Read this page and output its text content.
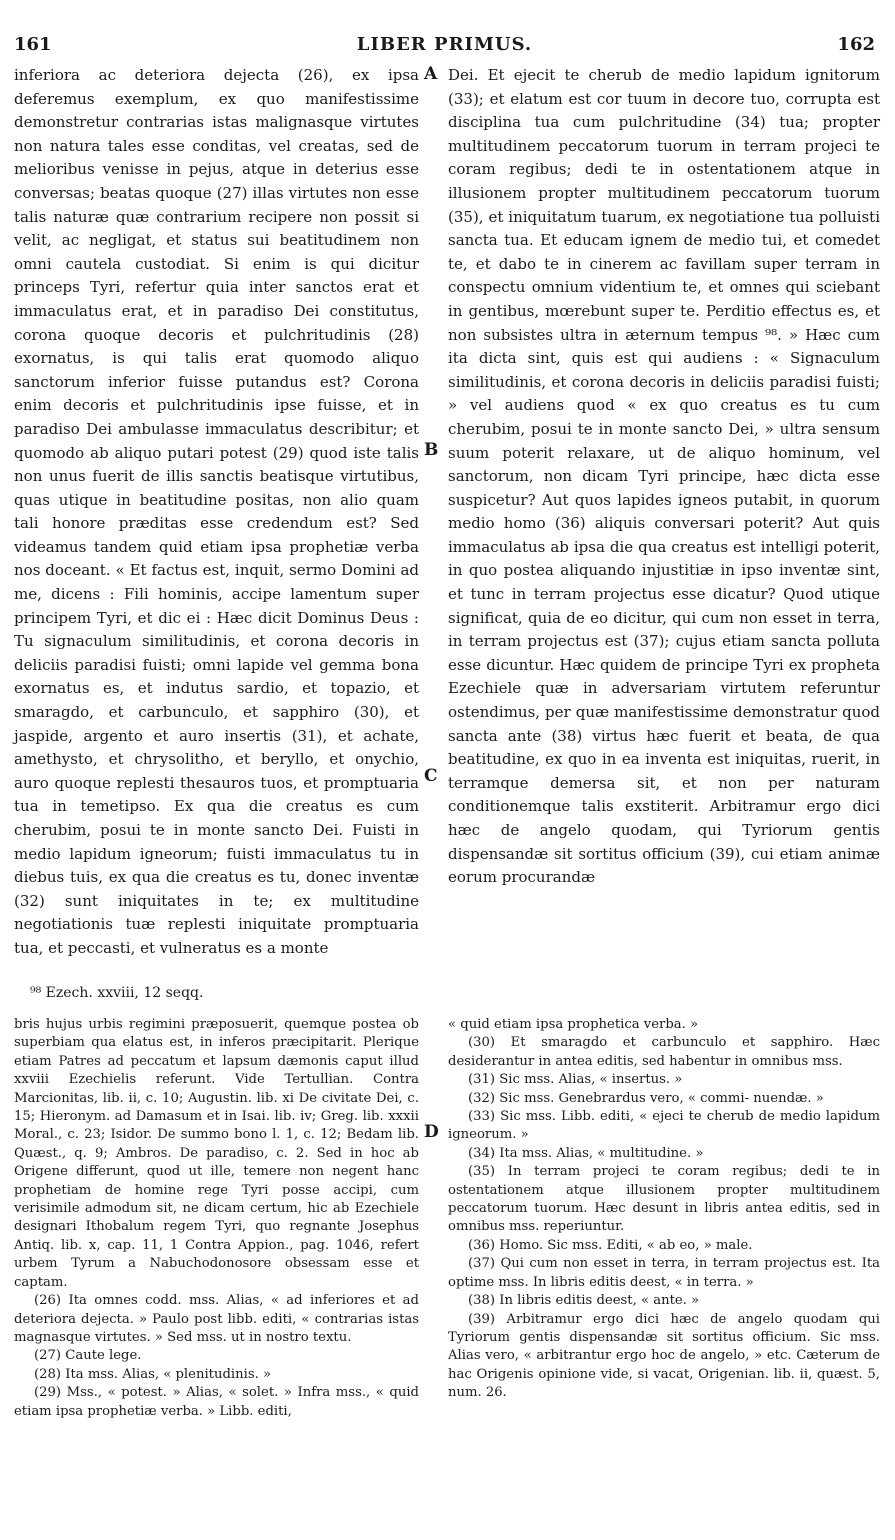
161	LIBER PRIMUS.	162

inferiora ac deteriora dejecta (26), ex ipsa deferemus exemplum, ex quo manifestissime demonstretur contrarias istas malignasque virtutes non natura tales esse conditas, vel creatas, sed de melioribus venisse in pejus, atque in deterius esse conversas; beatas quoque (27) illas virtutes non esse talis naturæ quæ contrarium recipere non possit si velit, ac negligat, et status sui beatitudinem non omni cautela custodiat. Si enim is qui dicitur princeps Tyri, refertur quia inter sanctos erat et immaculatus erat, et in paradiso Dei constitutus, corona quoque decoris et pulchritudinis (28) exornatus, is qui talis erat quomodo aliquo sanctorum inferior fuisse putandus est? Corona enim decoris et pulchritudinis ipse fuisse, et in paradiso Dei ambulasse immaculatus describitur; et quomodo ab aliquo putari potest (29) quod iste talis non unus fuerit de illis sanctis beatisque virtutibus, quas utique in beatitudine positas, non alio quam tali honore præditas esse credendum est? Sed videamus tandem quid etiam ipsa prophetiæ verba nos doceant. « Et factus est, inquit, sermo Domini ad me, dicens : Fili hominis, accipe lamentum super principem Tyri, et dic ei : Hæc dicit Dominus Deus : Tu signaculum similitudinis, et corona decoris in deliciis paradisi fuisti; omni lapide vel gemma bona exornatus es, et indutus sardio, et topazio, et smaragdo, et carbunculo, et sapphiro (30), et jaspide, argento et auro insertis (31), et achate, amethysto, et chrysolitho, et beryllo, et onychio, auro quoque replesti thesauros tuos, et promptuaria tua in temetipso. Ex qua die creatus es cum cherubim, posui te in monte sancto Dei. Fuisti in medio lapidum igneorum; fuisti immaculatus tu in diebus tuis, ex qua die creatus es tu, donec inventæ (32) sunt iniquitates in te; ex multitudine negotiationis tuæ replesti iniquitate promptuaria tua, et peccasti, et vulneratus es a monte

A
B
C
D

Dei. Et ejecit te cherub de medio lapidum ignitorum (33); et elatum est cor tuum in decore tuo, corrupta est disciplina tua cum pulchritudine (34) tua; propter multitudinem peccatorum tuorum in terram projeci te coram regibus; dedi te in ostentationem atque in illusionem propter multitudinem peccatorum tuorum (35), et iniquitatum tuarum, ex negotiatione tua polluisti sancta tua. Et educam ignem de medio tui, et comedet te, et dabo te in cinerem ac favillam super terram in conspectu omnium videntium te, et omnes qui sciebant in gentibus, mœrebunt super te. Perditio effectus es, et non subsistes ultra in æternum tempus ⁹⁸. » Hæc cum ita dicta sint, quis est qui audiens : « Signaculum similitudinis, et corona decoris in deliciis paradisi fuisti; » vel audiens quod « ex quo creatus es tu cum cherubim, posui te in monte sancto Dei, » ultra sensum suum poterit relaxare, ut de aliquo hominum, vel sanctorum, non dicam Tyri principe, hæc dicta esse suspicetur? Aut quos lapides igneos putabit, in quorum medio homo (36) aliquis conversari poterit? Aut quis immaculatus ab ipsa die qua creatus est intelligi poterit, in quo postea aliquando injustitiæ in ipso inventæ sint, et tunc in terram projectus esse dicatur? Quod utique significat, quia de eo dicitur, qui cum non esset in terra, in terram projectus est (37); cujus etiam sancta polluta esse dicuntur. Hæc quidem de principe Tyri ex propheta Ezechiele quæ in adversariam virtutem referuntur ostendimus, per quæ manifestissime demonstratur quod sancta ante (38) virtus hæc fuerit et beata, de qua beatitudine, ex quo in ea inventa est iniquitas, ruerit, in terramque demersa sit, et non per naturam conditionemque talis exstiterit. Arbitramur ergo dici hæc de angelo quodam, qui Tyriorum gentis dispensandæ sit sortitus officium (39), cui etiam animæ eorum procurandæ

⁹⁸ Ezech. xxviii, 12 seqq.

bris hujus urbis regimini præposuerit, quemque postea ob superbiam qua elatus est, in inferos præcipitarit. Plerique etiam Patres ad peccatum et lapsum dæmonis caput illud xxviii Ezechielis referunt. Vide Tertullian. Contra Marcionitas, lib. ii, c. 10; Augustin. lib. xi De civitate Dei, c. 15; Hieronym. ad Damasum et in Isai. lib. iv; Greg. lib. xxxii Moral., c. 23; Isidor. De summo bono l. 1, c. 12; Bedam lib. Quæst., q. 9; Ambros. De paradiso, c. 2. Sed in hoc ab Origene differunt, quod ut ille, temere non negent hanc prophetiam de homine rege Tyri posse accipi, cum verisimile admodum sit, ne dicam certum, hic ab Ezechiele designari Ithobalum regem Tyri, quo regnante Josephus Antiq. lib. x, cap. 11, 1 Contra Appion., pag. 1046, refert urbem Tyrum a Nabuchodonosore obsessam esse et captam.

(26) Ita omnes codd. mss. Alias, « ad inferiores et ad deteriora dejecta. » Paulo post libb. editi, « contrarias istas magnasque virtutes. » Sed mss. ut in nostro textu.

(27) Caute lege.

(28) Ita mss. Alias, « plenitudinis. »

(29) Mss., « potest. » Alias, « solet. » Infra mss., « quid etiam ipsa prophetiæ verba. » Libb. editi,

« quid etiam ipsa prophetica verba. »

(30) Et smaragdo et carbunculo et sapphiro. Hæc desiderantur in antea editis, sed habentur in omnibus mss.

(31) Sic mss. Alias, « insertus. »

(32) Sic mss. Genebrardus vero, « commi- nuendæ. »

(33) Sic mss. Libb. editi, « ejeci te cherub de medio lapidum igneorum. »

(34) Ita mss. Alias, « multitudine. »

(35) In terram projeci te coram regibus; dedi te in ostentationem atque illusionem propter multitudinem peccatorum tuorum. Hæc desunt in libris antea editis, sed in omnibus mss. reperiuntur.

(36) Homo. Sic mss. Editi, « ab eo, » male.

(37) Qui cum non esset in terra, in terram projectus est. Ita optime mss. In libris editis deest, « in terra. »

(38) In libris editis deest, « ante. »

(39) Arbitramur ergo dici hæc de angelo quodam qui Tyriorum gentis dispensandæ sit sortitus officium. Sic mss. Alias vero, « arbitrantur ergo hoc de angelo, » etc. Cæterum de hac Origenis opinione vide, si vacat, Origenian. lib. ii, quæst. 5, num. 26.
